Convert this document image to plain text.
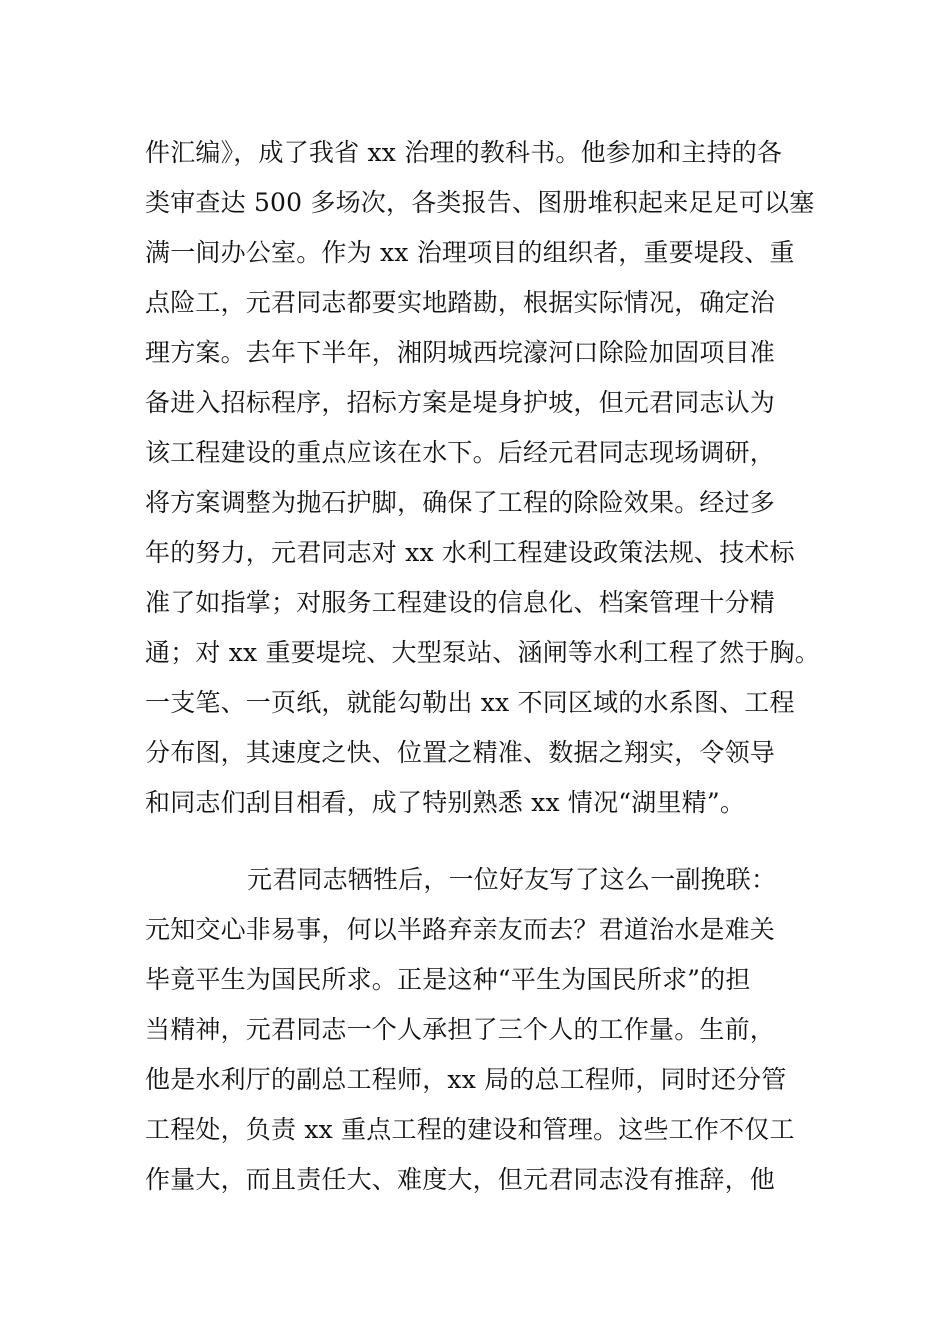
件汇编》，成了我省 xx 治理的教科书。他参加和主持的各
类审查达 500 多场次，各类报告、图册堆积起来足足可以塞
满一间办公室。作为 xx 治理项目的组织者，重要堤段、重
点险工，元君同志都要实地踏勘，根据实际情况，确定治
理方案。去年下半年，湘阴城西垸濠河口除险加固项目准
备进入招标程序，招标方案是堤身护坡，但元君同志认为
该工程建设的重点应该在水下。后经元君同志现场调研，
将方案调整为抛石护脚，确保了工程的除险效果。经过多
年的努力，元君同志对 xx 水利工程建设政策法规、技术标
准了如指掌；对服务工程建设的信息化、档案管理十分精
通；对 xx 重要堤垸、大型泵站、涵闸等水利工程了然于胸。
一支笔、一页纸，就能勾勒出 xx 不同区域的水系图、工程
分布图，其速度之快、位置之精准、数据之翔实，令领导
和同志们刮目相看，成了特别熟悉 xx 情况“湖里精”。
元君同志牺牲后，一位好友写了这么一副挽联：
元知交心非易事，何以半路弃亲友而去？君道治水是难关
毕竟平生为国民所求。正是这种“平生为国民所求”的担
当精神，元君同志一个人承担了三个人的工作量。生前，
他是水利厅的副总工程师，xx 局的总工程师，同时还分管
工程处，负责 xx 重点工程的建设和管理。这些工作不仅工
作量大，而且责任大、难度大，但元君同志没有推辞，他
